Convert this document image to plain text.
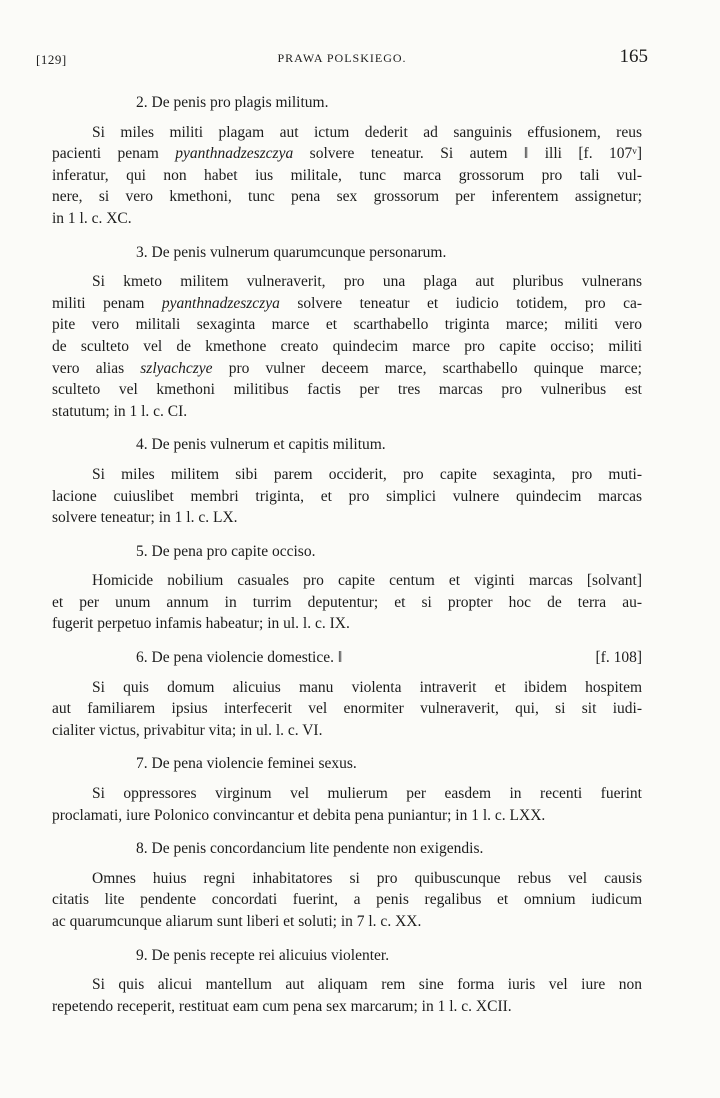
[129]	PRAWA POLSKIEGO.	165
2. De penis pro plagis militum.
Si miles militi plagam aut ictum dederit ad sanguinis effusionem, reus
pacienti penam pyanthnadzeszczya solvere teneatur. Si autem ‖ illi [f. 107ᵛ]
inferatur, qui non habet ius militale, tunc marca grossorum pro tali vul-
nere, si vero kmethoni, tunc pena sex grossorum per inferentem assignetur;
in 1 l. c. XC.
3. De penis vulnerum quarumcunque personarum.
Si kmeto militem vulneraverit, pro una plaga aut pluribus vulnerans
militi penam pyanthnadzeszczya solvere teneatur et iudicio totidem, pro ca-
pite vero militali sexaginta marce et scarthabello triginta marce; militi vero
de sculteto vel de kmethone creato quindecim marce pro capite occiso; militi
vero alias szlyachczye pro vulner deceem marce, scarthabello quinque marce;
sculteto vel kmethoni militibus factis per tres marcas pro vulneribus est
statutum; in 1 l. c. CI.
4. De penis vulnerum et capitis militum.
Si miles militem sibi parem occiderit, pro capite sexaginta, pro muti-
lacione cuiuslibet membri triginta, et pro simplici vulnere quindecim marcas
solvere teneatur; in 1 l. c. LX.
5. De pena pro capite occiso.
Homicide nobilium casuales pro capite centum et viginti marcas [solvant]
et per unum annum in turrim deputentur; et si propter hoc de terra au-
fugerit perpetuo infamis habeatur; in ul. l. c. IX.
6. De pena violencie domestice. ‖	[f. 108]
Si quis domum alicuius manu violenta intraverit et ibidem hospitem
aut familiarem ipsius interfecerit vel enormiter vulneraverit, qui, si sit iudi-
cialiter victus, privabitur vita; in ul. l. c. VI.
7. De pena violencie feminei sexus.
Si oppressores virginum vel mulierum per easdem in recenti fuerint
proclamati, iure Polonico convincantur et debita pena puniantur; in 1 l. c. LXX.
8. De penis concordancium lite pendente non exigendis.
Omnes huius regni inhabitatores si pro quibuscunque rebus vel causis
citatis lite pendente concordati fuerint, a penis regalibus et omnium iudicum
ac quarumcunque aliarum sunt liberi et soluti; in 7 l. c. XX.
9. De penis recepte rei alicuius violenter.
Si quis alicui mantellum aut aliquam rem sine forma iuris vel iure non
repetendo receperit, restituat eam cum pena sex marcarum; in 1 l. c. XCII.
